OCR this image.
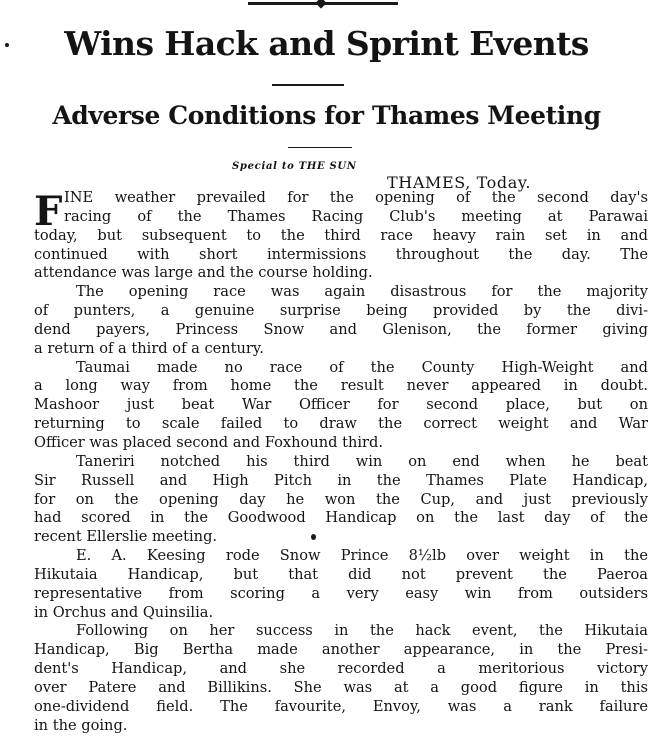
Wins Hack and Sprint Events
Adverse Conditions for Thames Meeting
Special to THE SUN
THAMES, Today.
F INE weather prevailed for the opening of the second day's
racing of the Thames Racing Club's meeting at Parawai
today, but subsequent to the third race heavy rain set in and
continued with short intermissions throughout the day. The
attendance was large and the course holding.
The opening race was again disastrous for the majority
of punters, a genuine surprise being provided by the divi-
dend payers, Princess Snow and Glenison, the former giving
a return of a third of a century.
Taumai made no race of the County High-Weight and
a long way from home the result never appeared in doubt.
Mashoor just beat War Officer for second place, but on
returning to scale failed to draw the correct weight and War
Officer was placed second and Foxhound third.
Taneriri notched his third win on end when he beat
Sir Russell and High Pitch in the Thames Plate Handicap,
for on the opening day he won the Cup, and just previously
had scored in the Goodwood Handicap on the last day of the
recent Ellerslie meeting.
E. A. Keesing rode Snow Prince 8½lb over weight in the
Hikutaia Handicap, but that did not prevent the Paeroa
representative from scoring a very easy win from outsiders
in Orchus and Quinsilia.
Following on her success in the hack event, the Hikutaia
Handicap, Big Bertha made another appearance, in the Presi-
dent's Handicap, and she recorded a meritorious victory
over Patere and Billikins. She was at a good figure in this
one-dividend field. The favourite, Envoy, was a rank failure
in the going.
